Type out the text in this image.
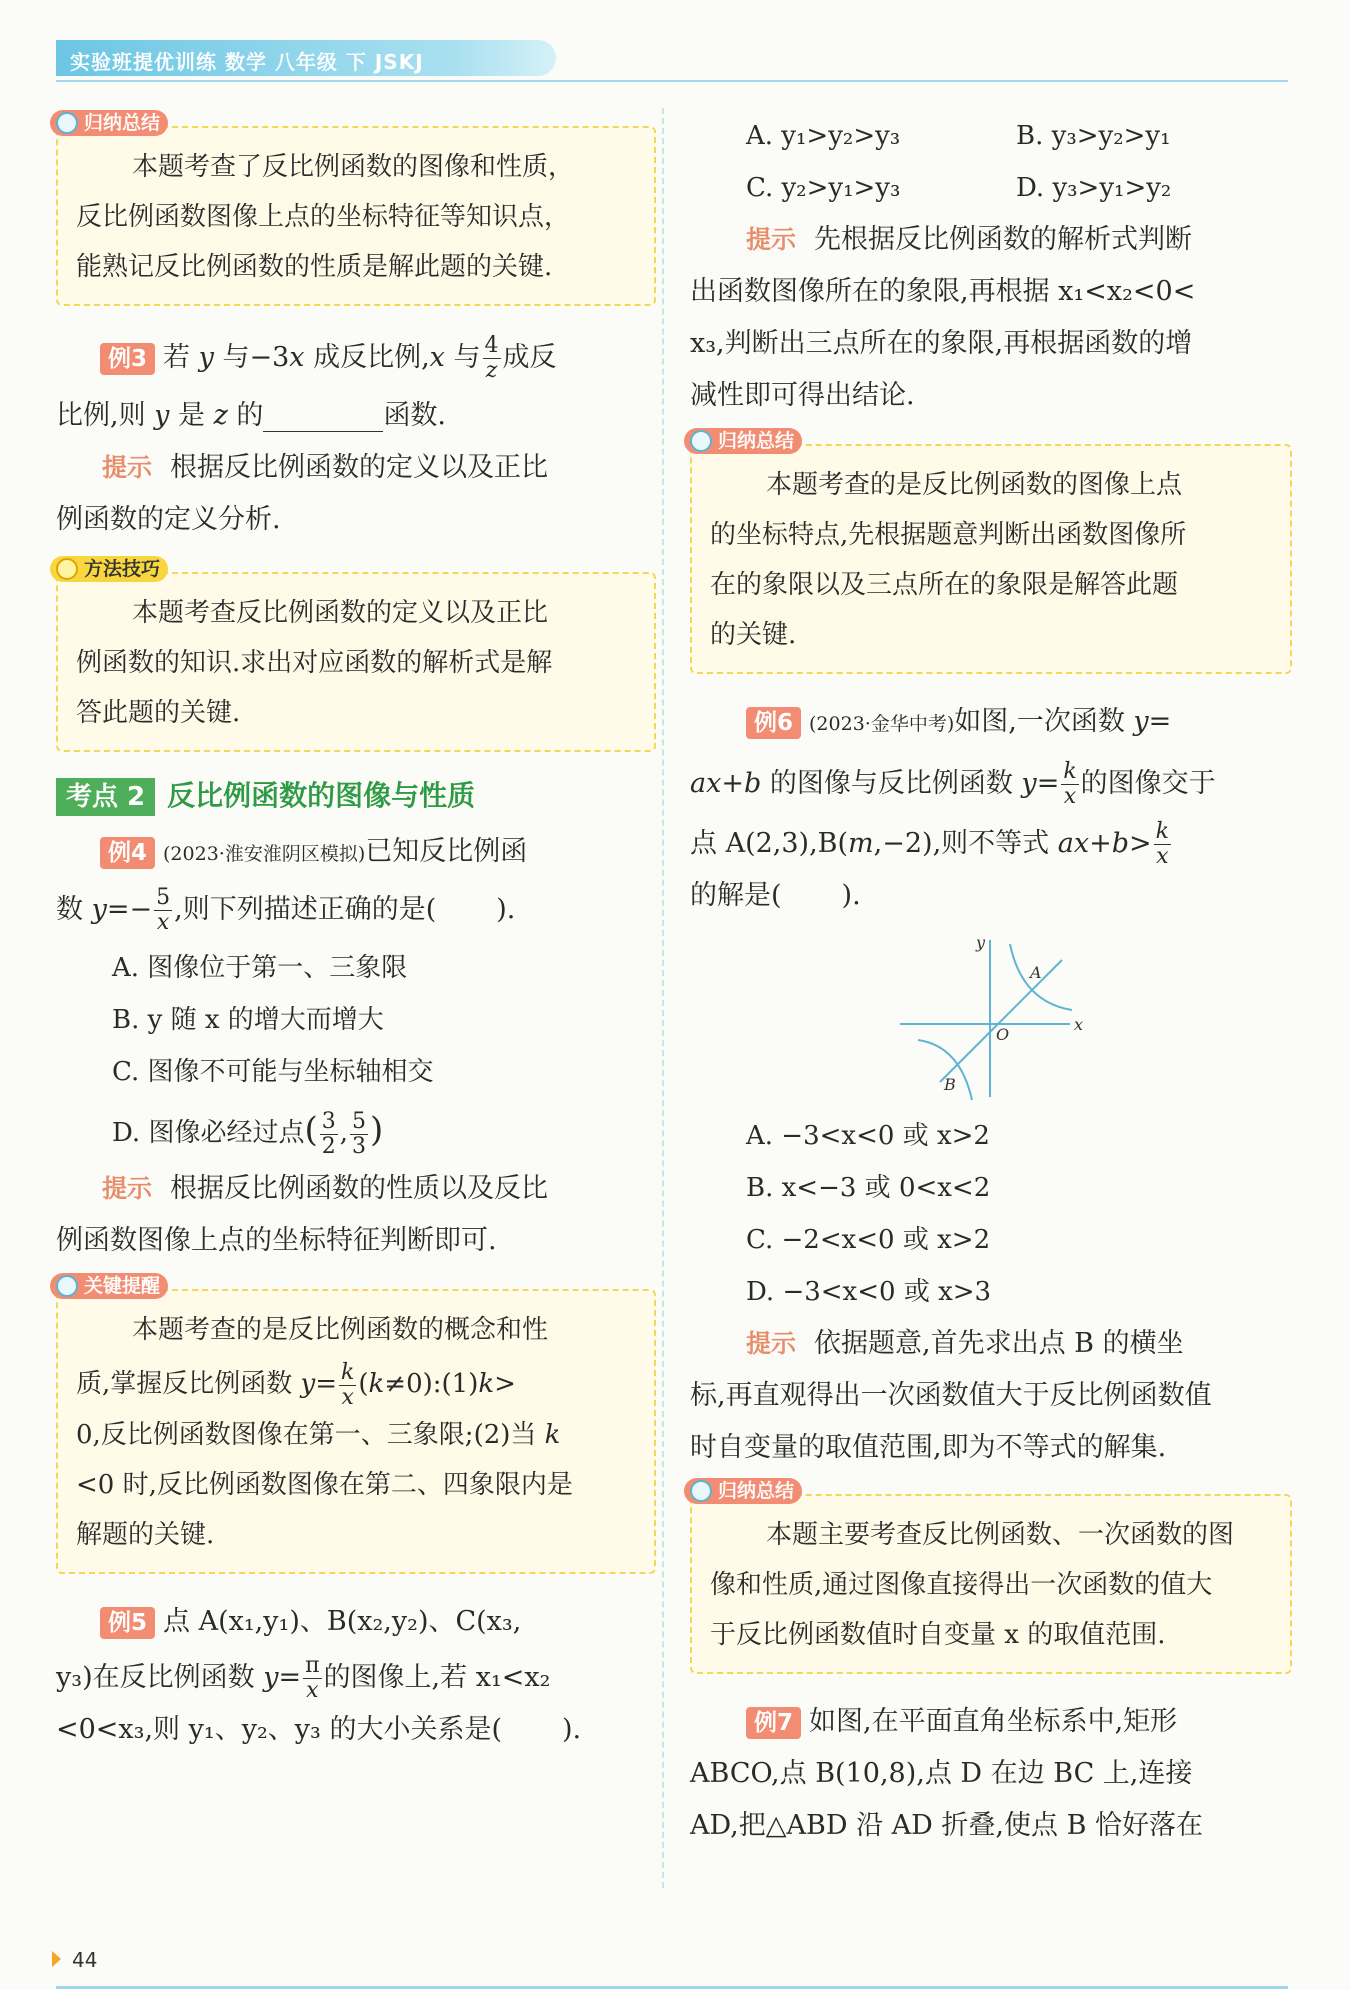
实验班提优训练 数学 八年级 下 JSKJ
归纳总结

本题考查了反比例函数的图像和性质，

反比例函数图像上点的坐标特征等知识点，

能熟记反比例函数的性质是解此题的关键.

例3 若 y 与−3x 成反比例,x 与 $\frac{4}{z}$ 成反

比例,则 y 是 z 的	函数.

提示 根据反比例函数的定义以及正比

例函数的定义分析.

方法技巧

本题考查反比例函数的定义以及正比

例函数的知识.求出对应函数的解析式是解

答此题的关键.

考点 2 反比例函数的图像与性质

例4 (2023·淮安淮阴区模拟)已知反比例函

数 $y=- \frac{5}{x}$ ,则下列描述正确的是( ).

A. 图像位于第一、三象限

B. y 随 x 的增大而增大

C. 图像不可能与坐标轴相交

D. 图像必经过点( $\frac{3}{2}$ , $\frac{5}{3}$ )

提示 根据反比例函数的性质以及反比

例函数图像上点的坐标特征判断即可.

关键提醒

本题考查的是反比例函数的概念和性

质,掌握反比例函数 $y= \frac{k}{x}$ (k≠0):(1)k>

0,反比例函数图像在第一、三象限;(2)当 k

<0 时,反比例函数图像在第二、四象限内是

解题的关键.

例5 点 A(x₁,y₁)、B(x₂,y₂)、C(x₃,

y₃)在反比例函数 $y= \frac{\pi}{x}$ 的图像上,若 x₁<x₂

<0<x₃,则 y₁、y₂、y₃ 的大小关系是( ).

A. y₁>y₂>y₃	B. y₃>y₂>y₁

C. y₂>y₁>y₃	D. y₃>y₁>y₂

提示 先根据反比例函数的解析式判断

出函数图像所在的象限,再根据 x₁<x₂<0<

x₃,判断出三点所在的象限,再根据函数的增

减性即可得出结论.

归纳总结

本题考查的是反比例函数的图像上点

的坐标特点,先根据题意判断出函数图像所

在的象限以及三点所在的象限是解答此题

的关键.

例6 (2023·金华中考)如图,一次函数 y=

ax+b 的图像与反比例函数 $y= \frac{k}{x}$ 的图像交于

点 A(2,3),B(m,−2),则不等式 $ax+b> \frac{k}{x}$

的解是( ).

y
x
O
A
B

A. −3<x<0 或 x>2

B. x<−3 或 0<x<2

C. −2<x<0 或 x>2

D. −3<x<0 或 x>3

提示 依据题意,首先求出点 B 的横坐

标,再直观得出一次函数值大于反比例函数值

时自变量的取值范围,即为不等式的解集.

归纳总结

本题主要考查反比例函数、一次函数的图

像和性质,通过图像直接得出一次函数的值大

于反比例函数值时自变量 x 的取值范围.

例7 如图,在平面直角坐标系中,矩形

ABCO,点 B(10,8),点 D 在边 BC 上,连接

AD,把△ABD 沿 AD 折叠,使点 B 恰好落在

44
